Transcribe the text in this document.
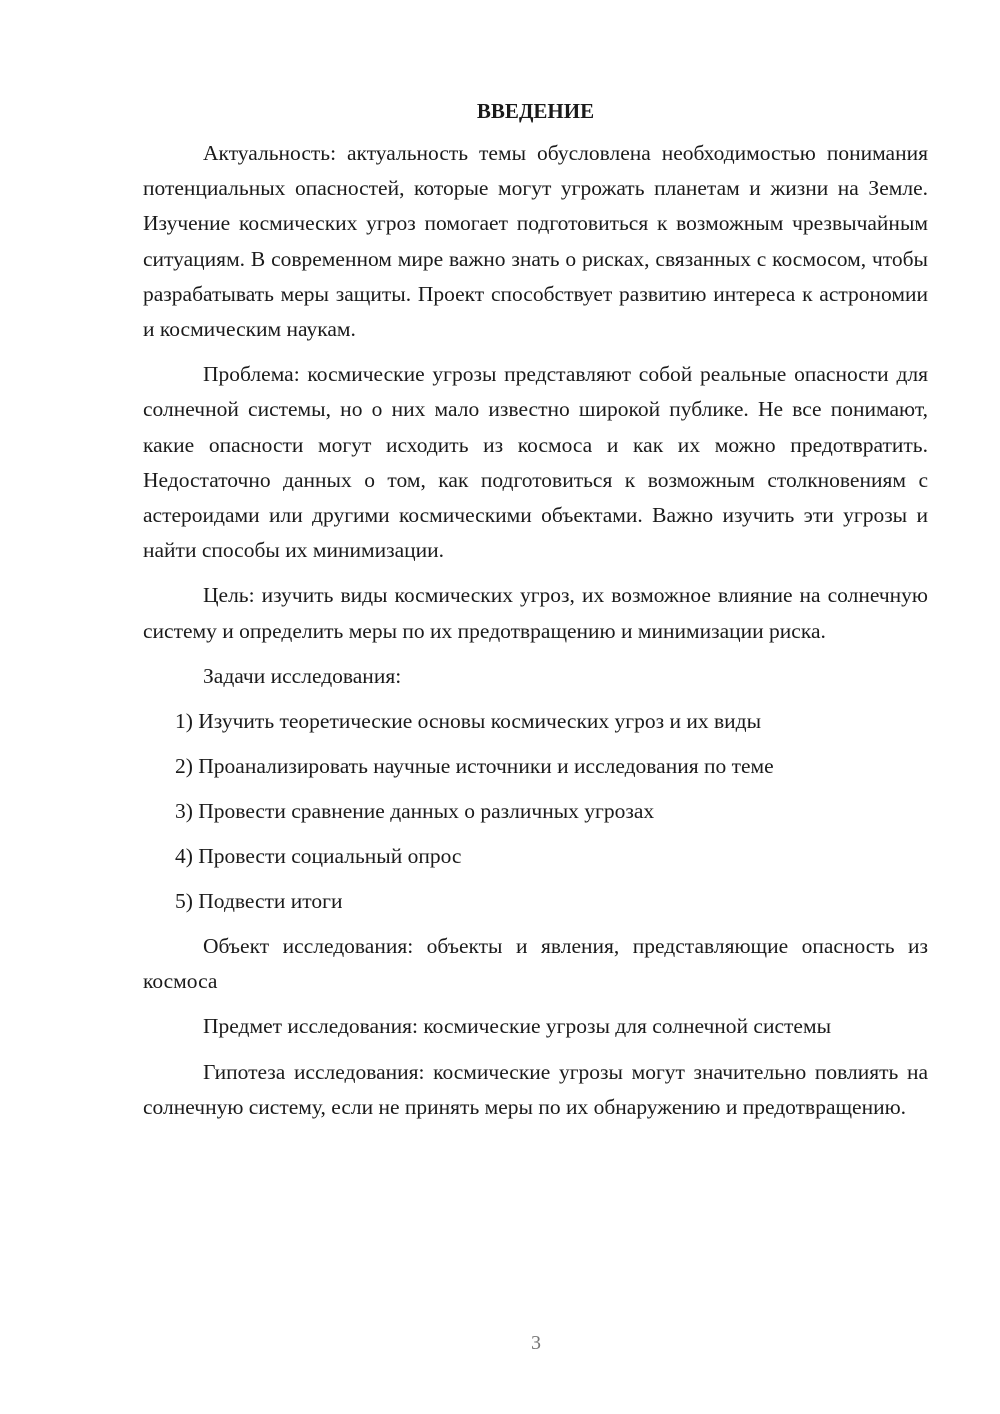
ВВЕДЕНИЕ

Актуальность: актуальность темы обусловлена необходимостью понимания потенциальных опасностей, которые могут угрожать планетам и жизни на Земле. Изучение космических угроз помогает подготовиться к возможным чрезвычайным ситуациям. В современном мире важно знать о рисках, связанных с космосом, чтобы разрабатывать меры защиты. Проект способствует развитию интереса к астрономии и космическим наукам.

Проблема: космические угрозы представляют собой реальные опасности для солнечной системы, но о них мало известно широкой публике. Не все понимают, какие опасности могут исходить из космоса и как их можно предотвратить. Недостаточно данных о том, как подготовиться к возможным столкновениям с астероидами или другими космическими объектами. Важно изучить эти угрозы и найти способы их минимизации.

Цель: изучить виды космических угроз, их возможное влияние на солнечную систему и определить меры по их предотвращению и минимизации риска.

Задачи исследования:

1) Изучить теоретические основы космических угроз и их виды
2) Проанализировать научные источники и исследования по теме
3) Провести сравнение данных о различных угрозах
4) Провести социальный опрос
5) Подвести итоги

Объект исследования: объекты и явления, представляющие опасность из космоса

Предмет исследования: космические угрозы для солнечной системы

Гипотеза исследования: космические угрозы могут значительно повлиять на солнечную систему, если не принять меры по их обнаружению и предотвращению.

3
